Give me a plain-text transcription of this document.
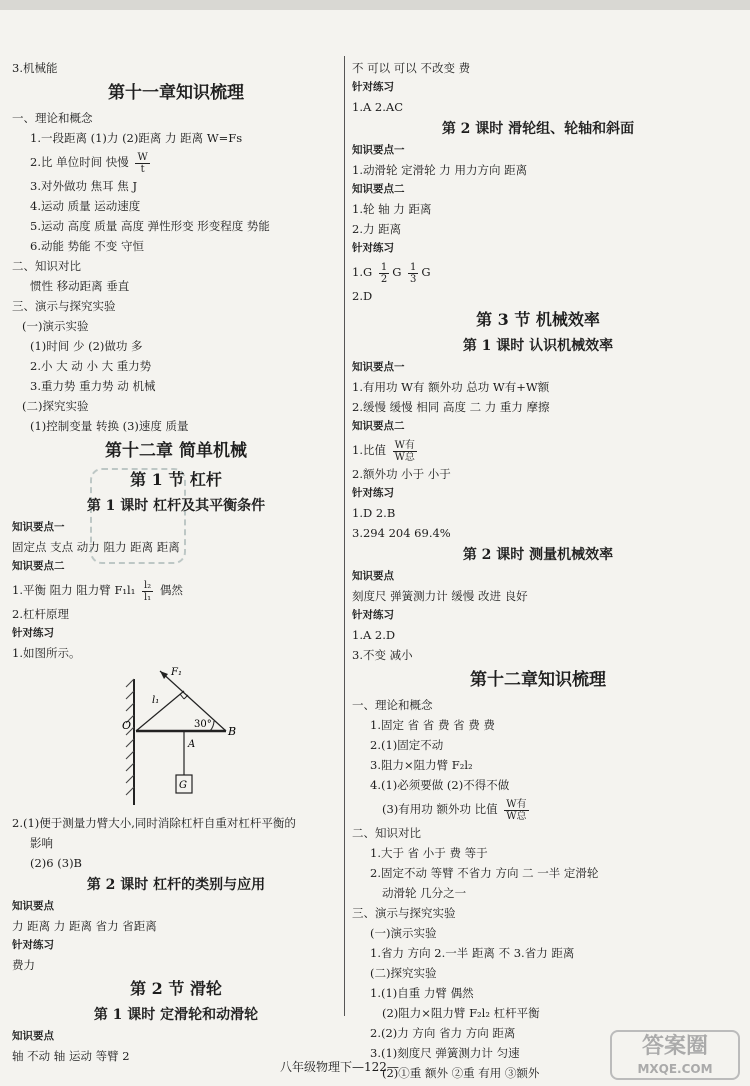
3.机械能
第十一章知识梳理
一、理论和概念
1.一段距离 (1)力 (2)距离 力 距离 W=Fs
2.比 单位时间 快慢 $\frac{W}{t}$
3.对外做功 焦耳 焦 J
4.运动 质量 运动速度
5.运动 高度 质量 高度 弹性形变 形变程度 势能
6.动能 势能 不变 守恒
二、知识对比
惯性 移动距离 垂直
三、演示与探究实验
(一)演示实验
(1)时间 少 (2)做功 多
2.小 大 动 小 大 重力势
3.重力势 重力势 动 机械
(二)探究实验
(1)控制变量 转换 (3)速度 质量
第十二章 简单机械
第 1 节 杠杆
第 1 课时 杠杆及其平衡条件
知识要点一
固定点 支点 动力 阻力 距离 距离
知识要点二
1.平衡 阻力 阻力臂 $F_1l_1 \frac{\text{l₂}}{\text{l₁}}$ 偶然
2.杠杆原理
针对练习
1.如图所示。
F₁
l₁
O	30°
A
B
G
2.(1)便于测量力臂大小,同时消除杠杆自重对杠杆平衡的
影响
(2)6 (3)B
第 2 课时 杠杆的类别与应用
知识要点
力 距离 力 距离 省力 省距离
针对练习
费力
第 2 节 滑轮
第 1 课时 定滑轮和动滑轮
知识要点
轴 不动 轴 运动 等臂 2
不 可以 可以 不改变 费
针对练习
1.A 2.AC
第 2 课时 滑轮组、轮轴和斜面
知识要点一
1.动滑轮 定滑轮 力 用力方向 距离
知识要点二
1.轮 轴 力 距离
2.力 距离
针对练习
$1.G \frac{1}{2}$ G $\frac{1}{3}$ G
2.D
第 3 节 机械效率
第 1 课时 认识机械效率
知识要点一
1.有用功 W有 额外功 总功 W有+W额
2.缓慢 缓慢 相同 高度 二 力 重力 摩擦
知识要点二
1.比值 $\frac{\text{W有}}{\text{W总}}$
2.额外功 小于 小于
针对练习
1.D 2.B
3.294 204 69.4%
第 2 课时 测量机械效率
知识要点
刻度尺 弹簧测力计 缓慢 改进 良好
针对练习
1.A 2.D
3.不变 减小
第十二章知识梳理
一、理论和概念
1.固定 省 省 费 省 费 费
2.(1)固定不动
3.阻力×阻力臂 F₂l₂
4.(1)必须要做 (2)不得不做
(3)有用功 额外功 比值 $\frac{\text{W有}}{\text{W总}}$
二、知识对比
1.大于 省 小于 费 等于
2.固定不动 等臂 不省力 方向 二 一半 定滑轮
动滑轮 几分之一
三、演示与探究实验
(一)演示实验
1.省力 方向 2.一半 距离 不 3.省力 距离
(二)探究实验
1.(1)自重 力臂 偶然
(2)阻力×阻力臂 F₂l₂ 杠杆平衡
2.(2)力 方向 省力 方向 距离
3.(1)刻度尺 弹簧测力计 匀速
(2)①重 额外 ②重 有用 ③额外
八年级物理下—122—
答案圈
MXQE.COM
